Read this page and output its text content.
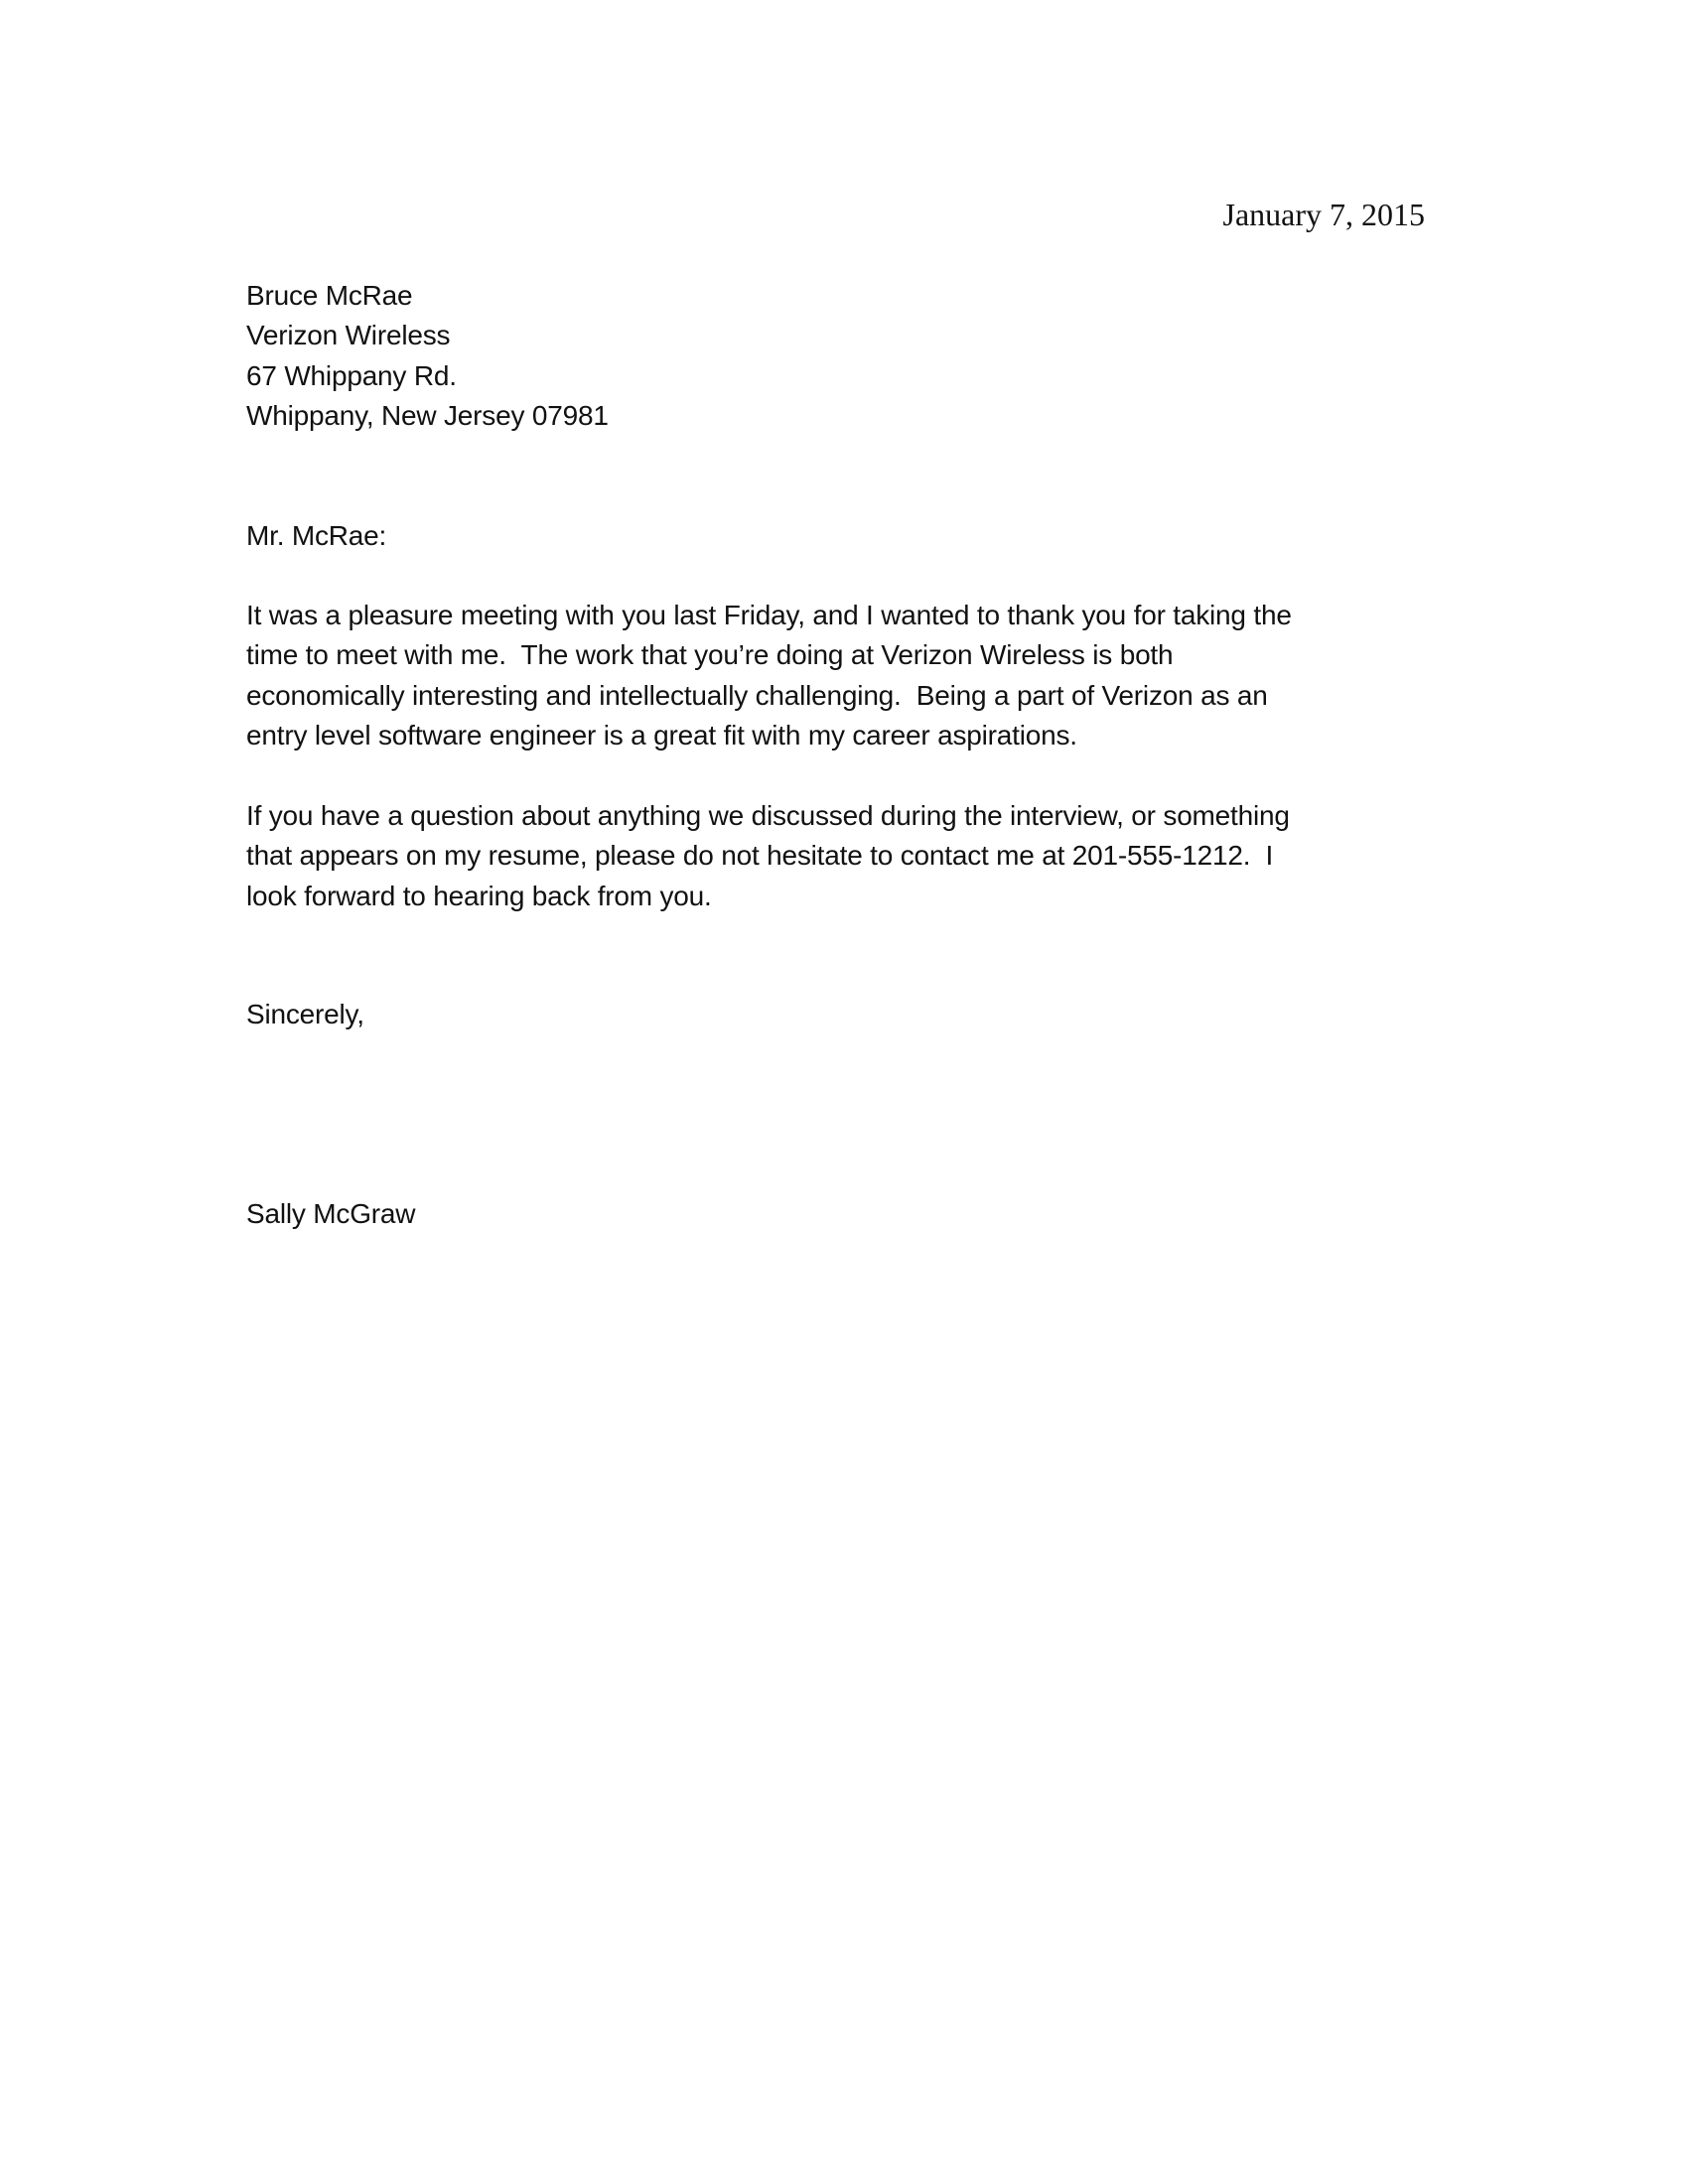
January 7, 2015
Bruce McRae
Verizon Wireless
67 Whippany Rd.
Whippany, New Jersey 07981
Mr. McRae:
It was a pleasure meeting with you last Friday, and I wanted to thank you for taking the
time to meet with me.  The work that you’re doing at Verizon Wireless is both
economically interesting and intellectually challenging.  Being a part of Verizon as an
entry level software engineer is a great fit with my career aspirations.
If you have a question about anything we discussed during the interview, or something
that appears on my resume, please do not hesitate to contact me at 201-555-1212.  I
look forward to hearing back from you.
Sincerely,
Sally McGraw
